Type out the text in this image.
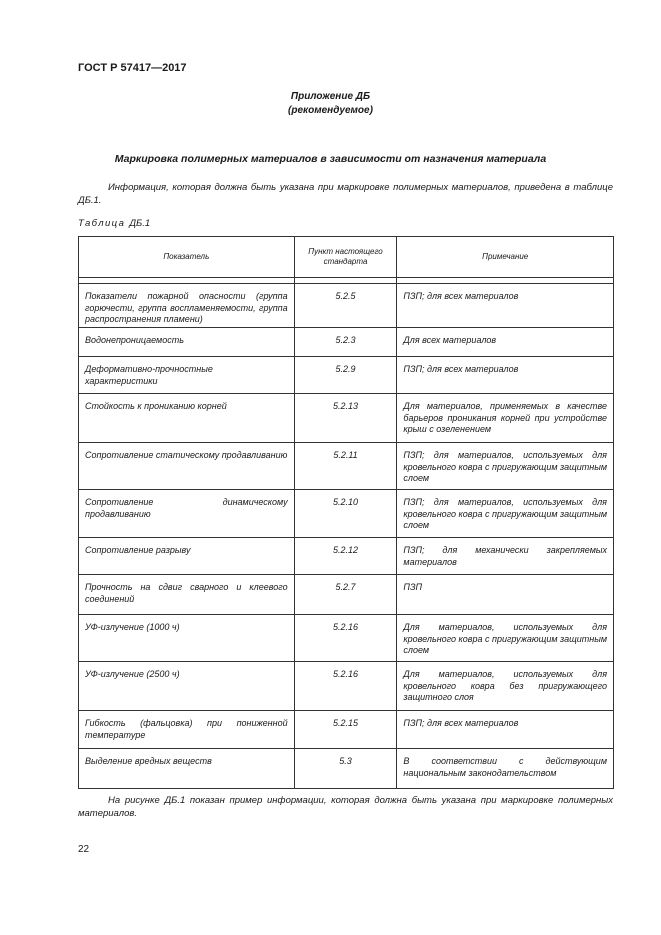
ГОСТ Р 57417—2017
Приложение ДБ
(рекомендуемое)
Маркировка полимерных материалов в зависимости от назначения материала
Информация, которая должна быть указана при маркировке полимерных материалов, приведена в таблице ДБ.1.
Таблица ДБ.1
Показатель	Пункт настоящего стандарта	Примечание

Показатели пожарной опасности (группа горючести, группа воспламеняемости, группа распространения пламени)	5.2.5	ПЗП; для всех материалов
Водонепроницаемость	5.2.3	Для всех материалов
Деформативно-прочностные характеристики	5.2.9	ПЗП; для всех материалов
Стойкость к прониканию корней	5.2.13	Для материалов, применяемых в качестве барьеров проникания корней при устройстве крыш с озеленением
Сопротивление статическому продавливанию	5.2.11	ПЗП; для материалов, используемых для кровельного ковра с пригружающим защитным слоем
Сопротивление динамическому продавливанию	5.2.10	ПЗП; для материалов, используемых для кровельного ковра с пригружающим защитным слоем
Сопротивление разрыву	5.2.12	ПЗП; для механически закрепляемых материалов
Прочность на сдвиг сварного и клеевого соединений	5.2.7	ПЗП
УФ-излучение (1000 ч)	5.2.16	Для материалов, используемых для кровельного ковра с пригружающим защитным слоем
УФ-излучение (2500 ч)	5.2.16	Для материалов, используемых для кровельного ковра без пригружающего защитного слоя
Гибкость (фальцовка) при пониженной температуре	5.2.15	ПЗП; для всех материалов
Выделение вредных веществ	5.3	В соответствии с действующим национальным законодательством
На рисунке ДБ.1 показан пример информации, которая должна быть указана при маркировке полимерных материалов.
22
